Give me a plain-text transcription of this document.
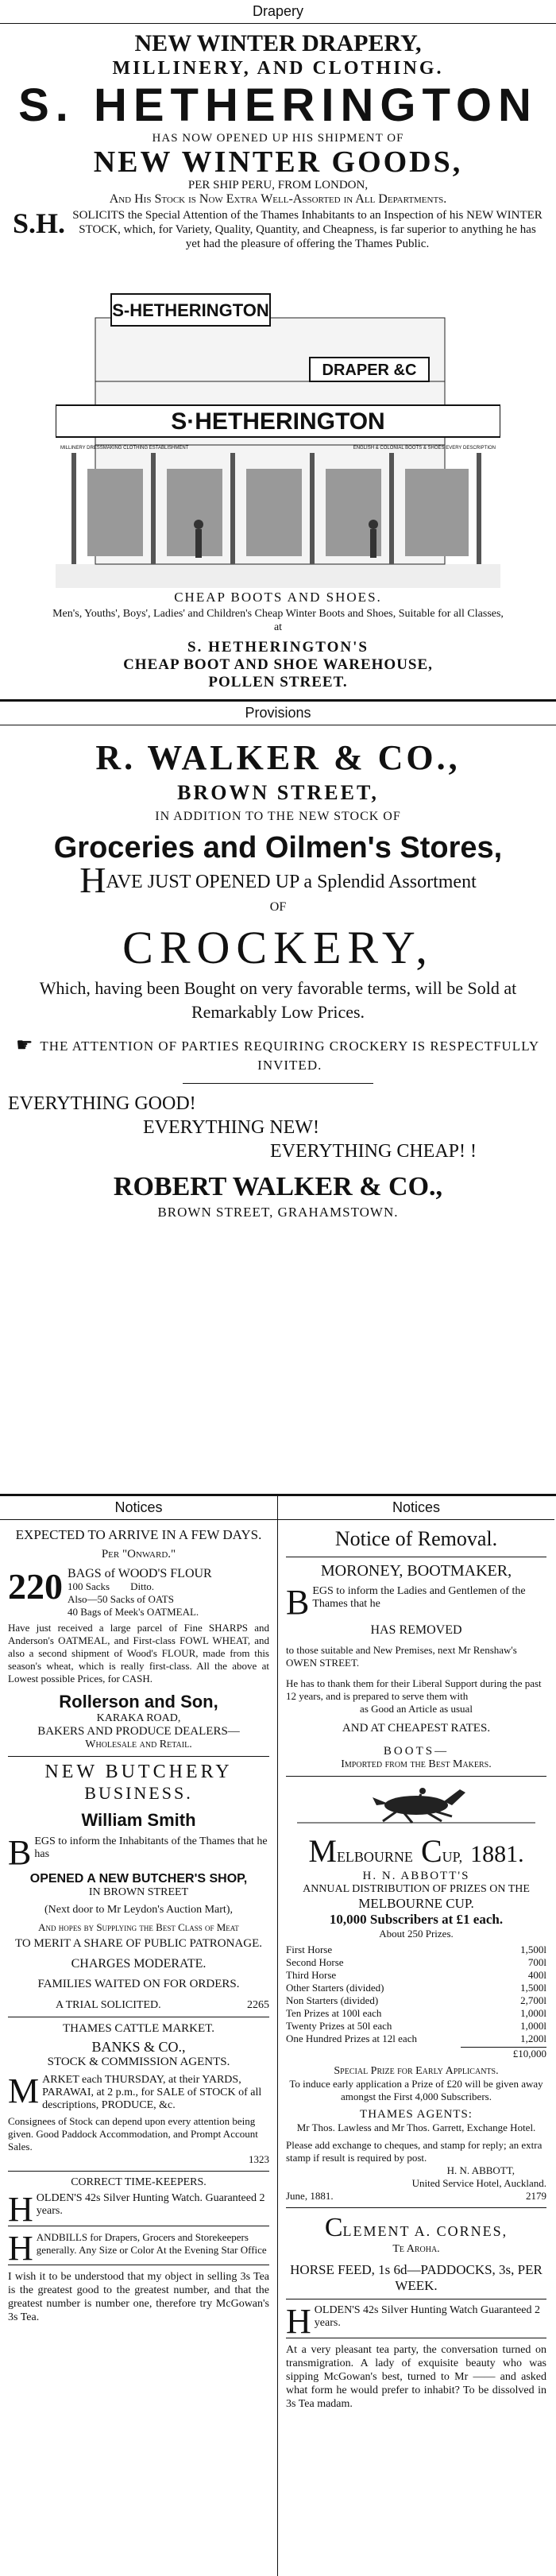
Drapery

NEW WINTER DRAPERY,

MILLINERY, AND CLOTHING.

S. HETHERINGTON

HAS NOW OPENED UP HIS SHIPMENT OF

NEW WINTER GOODS,

PER SHIP PERU, FROM LONDON,

And His Stock is Now Extra Well-Assorted in All Departments.

S.H. SOLICITS the Special Attention of the Thames Inhabitants to an Inspection of his NEW WINTER STOCK, which, for Variety, Quality, Quantity, and Cheapness, is far superior to anything he has yet had the pleasure of offering the Thames Public.

S-HETHERINGTON
DRAPER &C
S·HETHERINGTON
MILLINERY DRESSMAKING CLOTHING ESTABLISHMENT	ENGLISH & COLONIAL BOOTS & SHOES EVERY DESCRIPTION

CHEAP BOOTS AND SHOES.

Men's, Youths', Boys', Ladies' and Children's Cheap Winter Boots and Shoes, Suitable for all Classes, at

S. HETHERINGTON'S

CHEAP BOOT AND SHOE WAREHOUSE,

POLLEN STREET.

Provisions

R. WALKER & CO.,

BROWN STREET,

IN ADDITION TO THE NEW STOCK OF

Groceries and Oilmen's Stores,

HAVE JUST OPENED UP a Splendid Assortment

OF

CROCKERY,

Which, having been Bought on very favorable terms, will be Sold at Remarkably Low Prices.

☛ THE ATTENTION OF PARTIES REQUIRING CROCKERY IS RESPECTFULLY INVITED.

EVERYTHING GOOD!

EVERYTHING NEW!

EVERYTHING CHEAP! !

ROBERT WALKER & CO.,

BROWN STREET, GRAHAMSTOWN.

Notices

EXPECTED TO ARRIVE IN A FEW DAYS.

Per "Onward."

220 BAGS of WOOD'S FLOUR

100 Sacks        Ditto.

Also—50 Sacks of OATS

40 Bags of Meek's OATMEAL.

Have just received a large parcel of Fine SHARPS and Anderson's OATMEAL, and First-class FOWL WHEAT, and also a second shipment of Wood's FLOUR, made from this season's wheat, which is really first-class. All the above at Lowest possible Prices, for CASH.

Rollerson and Son,

KARAKA ROAD,

BAKERS AND PRODUCE DEALERS—

Wholesale and Retail.

NEW BUTCHERY

BUSINESS.

William Smith

B EGS to inform the Inhabitants of the Thames that he has

OPENED A NEW BUTCHER'S SHOP,

IN BROWN STREET

(Next door to Mr Leydon's Auction Mart),

And hopes by Supplying the Best Class of Meat

TO MERIT A SHARE OF PUBLIC PATRONAGE.

CHARGES MODERATE.

FAMILIES WAITED ON FOR ORDERS.

A TRIAL SOLICITED.	2265

THAMES CATTLE MARKET.

BANKS & CO.,

STOCK & COMMISSION AGENTS.

M ARKET each THURSDAY, at their YARDS, PARAWAI, at 2 p.m., for SALE of STOCK of all descriptions, PRODUCE, &c.

Consignees of Stock can depend upon every attention being given. Good Paddock Accommodation, and Prompt Account Sales.

1323

CORRECT TIME-KEEPERS.

H OLDEN'S 42s Silver Hunting Watch. Guaranteed 2 years.

H ANDBILLS for Drapers, Grocers and Storekeepers generally. Any Size or Color At the Evening Star Office

I wish it to be understood that my object in selling 3s Tea is the greatest good to the greatest number, and that the greatest number is number one, therefore try McGowan's 3s Tea.

Notices

Notice of Removal.

MORONEY, BOOTMAKER,

B EGS to inform the Ladies and Gentlemen of the Thames that he

HAS REMOVED

to those suitable and New Premises, next Mr Renshaw's OWEN STREET.

He has to thank them for their Liberal Support during the past 12 years, and is prepared to serve them with

as Good an Article as usual

AND AT CHEAPEST RATES.

BOOTS—

Imported from the Best Makers.

M ELBOURNE C UP, 1881.

H. N. ABBOTT'S

ANNUAL DISTRIBUTION OF PRIZES ON THE

MELBOURNE CUP.

10,000 Subscribers at £1 each.

About 250 Prizes.

First Horse	1,500l
Second Horse	700l
Third Horse	400l
Other Starters (divided)	1,500l
Non Starters (divided)	2,700l
Ten Prizes at 100l each	1,000l
Twenty Prizes at 50l each	1,000l
One Hundred Prizes at 12l each	1,200l

£10,000

Special Prize for Early Applicants.

To induce early application a Prize of £20 will be given away amongst the First 4,000 Subscribers.

THAMES AGENTS:

Mr Thos. Lawless and Mr Thos. Garrett, Exchange Hotel.

Please add exchange to cheques, and stamp for reply; an extra stamp if result is required by post.

H. N. ABBOTT,

United Service Hotel, Auckland.

June, 1881.	2179
C LEMENT A. CORNES,

Te Aroha.

HORSE FEED, 1s 6d—PADDOCKS, 3s, PER WEEK.

H OLDEN'S 42s Silver Hunting Watch Guaranteed 2 years.

At a very pleasant tea party, the conversation turned on transmigration. A lady of exquisite beauty who was sipping McGowan's best, turned to Mr —— and asked what form he would prefer to inhabit? To be dissolved in 3s Tea madam.
